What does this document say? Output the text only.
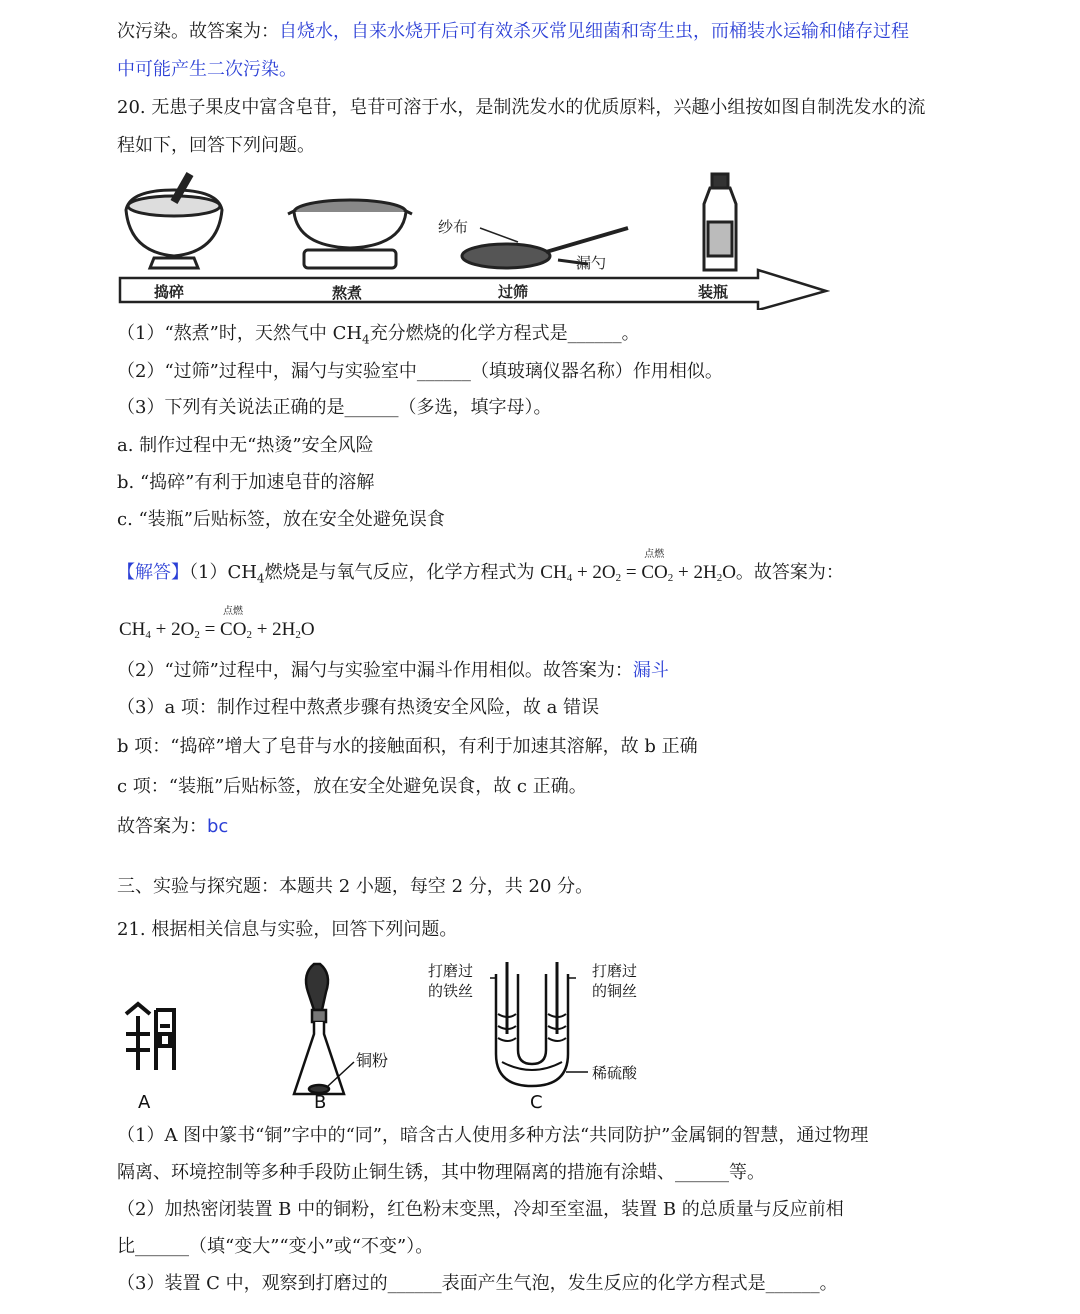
次污染。故答案为：自烧水，自来水烧开后可有效杀灭常见细菌和寄生虫，而桶装水运输和储存过程
中可能产生二次污染。
20. 无患子果皮中富含皂苷，皂苷可溶于水，是制洗发水的优质原料，兴趣小组按如图自制洗发水的流
程如下，回答下列问题。
纱布
漏勺
捣碎	熬煮	过筛	装瓶
（1）“熬煮”时，天然气中 $CH_4$充分燃烧的化学方程式是______。
（2）“过筛”过程中，漏勺与实验室中______（填玻璃仪器名称）作用相似。
（3）下列有关说法正确的是______（多选，填字母）。
a. 制作过程中无“热烫”安全风险
b. “捣碎”有利于加速皂苷的溶解
c. “装瓶”后贴标签，放在安全处避免误食
【解答】$(1)CH_4$燃烧是与氧气反应，化学方程式为
点燃
$CH_4 + 2O_2 = CO_2 + 2H_2O$。故答案为：
点燃
$CH_4 + 2O_2 = CO_2 + 2H_2O$
（2）“过筛”过程中，漏勺与实验室中漏斗作用相似。故答案为：漏斗
（3）a 项：制作过程中熬煮步骤有热烫安全风险，故 a 错误
b 项：“捣碎”增大了皂苷与水的接触面积，有利于加速其溶解，故 b 正确
c 项：“装瓶”后贴标签，放在安全处避免误食，故 c 正确。
故答案为：bc
三、实验与探究题：本题共 2 小题，每空 2 分，共 20 分。
21. 根据相关信息与实验，回答下列问题。
A	B	C
铜粉
打磨过
的铁丝
打磨过
的铜丝
稀硫酸
（1）A 图中篆书“铜”字中的“同”，暗含古人使用多种方法“共同防护”金属铜的智慧，通过物理
隔离、环境控制等多种手段防止铜生锈，其中物理隔离的措施有涂蜡、______等。
（2）加热密闭装置 B 中的铜粉，红色粉末变黑，冷却至室温，装置 B 的总质量与反应前相
比______（填“变大”“变小”或“不变”）。
（3）装置 C 中，观察到打磨过的______表面产生气泡，发生反应的化学方程式是______。
